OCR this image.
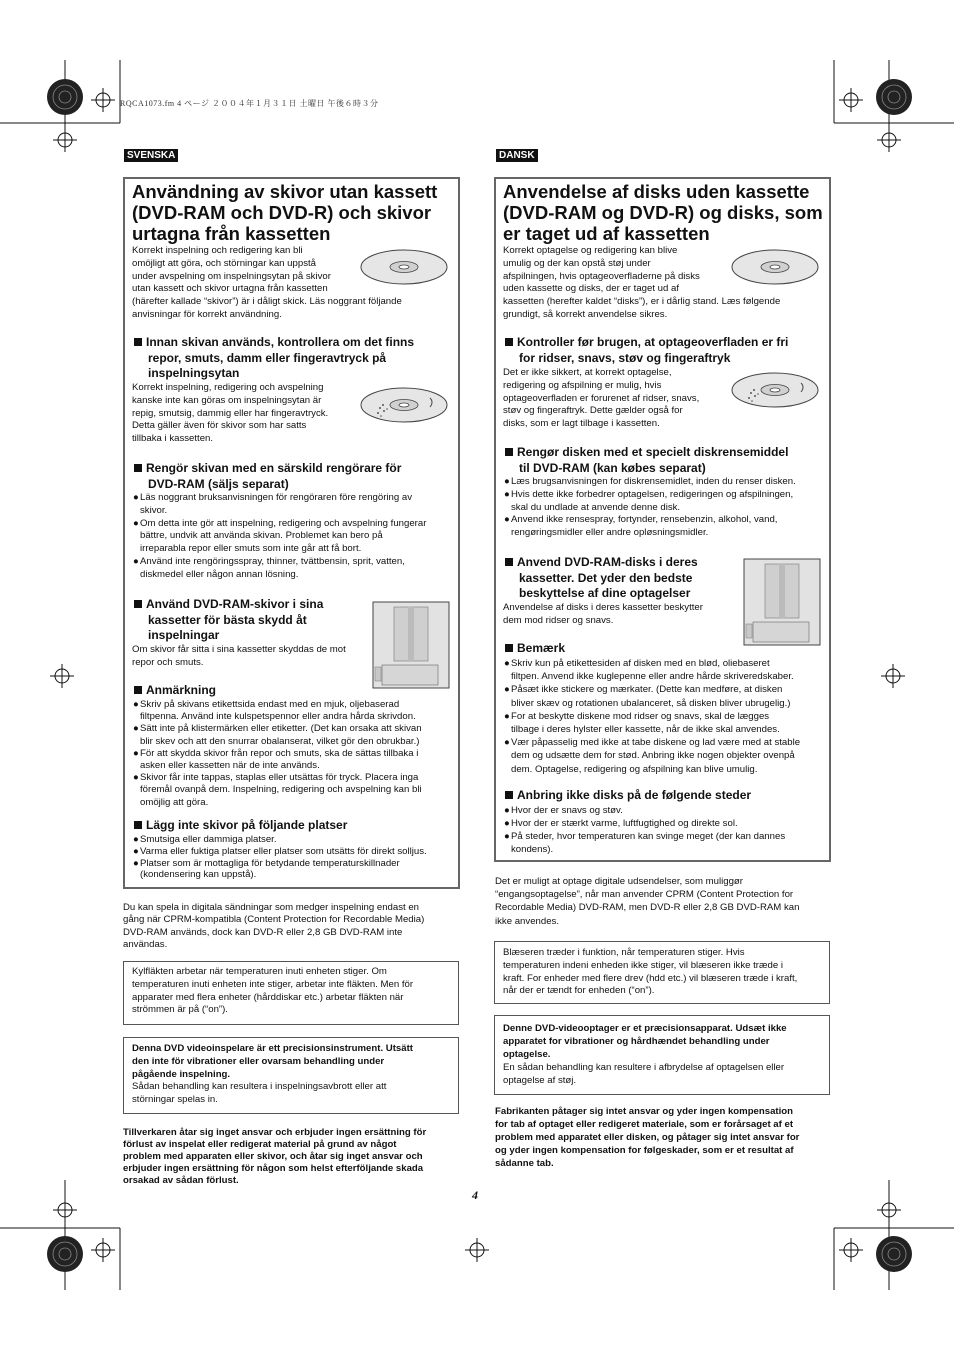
RQCA1073.fm 4 ページ ２００４年１月３１日 土曜日 午後６時３分
SVENSKA
Användning av skivor utan kassett
(DVD-RAM och DVD-R) och skivor
urtagna från kassetten
Korrekt inspelning och redigering kan bli
omöjligt att göra, och störningar kan uppstå
under avspelning om inspelningsytan på skivor
utan kassett och skivor urtagna från kassetten
(härefter kallade “skivor”) är i dåligt skick. Läs noggrant följande
anvisningar för korrekt användning.
Innan skivan används, kontrollera om det finns
repor, smuts, damm eller fingeravtryck på
inspelningsytan
Korrekt inspelning, redigering och avspelning
kanske inte kan göras om inspelningsytan är
repig, smutsig, dammig eller har fingeravtryck.
Detta gäller även för skivor som har satts
tillbaka i kassetten.
Rengör skivan med en särskild rengörare för
DVD-RAM (säljs separat)
● Läs noggrant bruksanvisningen för rengöraren före rengöring av
skivor.
● Om detta inte gör att inspelning, redigering och avspelning fungerar
bättre, undvik att använda skivan. Problemet kan bero på
irreparabla repor eller smuts som inte går att få bort.
● Använd inte rengöringsspray, thinner, tvättbensin, sprit, vatten,
diskmedel eller någon annan lösning.
Använd DVD-RAM-skivor i sina
kassetter för bästa skydd åt
inspelningar
Om skivor får sitta i sina kassetter skyddas de mot
repor och smuts.
Anmärkning
● Skriv på skivans etikettsida endast med en mjuk, oljebaserad
filtpenna. Använd inte kulspetspennor eller andra hårda skrivdon.
● Sätt inte på klistermärken eller etiketter. (Det kan orsaka att skivan
blir skev och att den snurrar obalanserat, vilket gör den obrukbar.)
● För att skydda skivor från repor och smuts, ska de sättas tillbaka i
asken eller kassetten när de inte används.
● Skivor får inte tappas, staplas eller utsättas för tryck. Placera inga
föremål ovanpå dem. Inspelning, redigering och avspelning kan bli
omöjlig att göra.
Lägg inte skivor på följande platser
● Smutsiga eller dammiga platser.
● Varma eller fuktiga platser eller platser som utsätts för direkt solljus.
● Platser som är mottagliga för betydande temperaturskillnader
(kondensering kan uppstå).
Du kan spela in digitala sändningar som medger inspelning endast en
gång när CPRM-kompatibla (Content Protection for Recordable Media)
DVD-RAM används, dock kan DVD-R eller 2,8 GB DVD-RAM inte
användas.
Kylfläkten arbetar när temperaturen inuti enheten stiger. Om
temperaturen inuti enheten inte stiger, arbetar inte fläkten. Men för
apparater med flera enheter (hårddiskar etc.) arbetar fläkten när
strömmen är på (“on”).
Denna DVD videoinspelare är ett precisionsinstrument. Utsätt
den inte för vibrationer eller ovarsam behandling under
pågående inspelning.
Sådan behandling kan resultera i inspelningsavbrott eller att
störningar spelas in.
Tillverkaren åtar sig inget ansvar och erbjuder ingen ersättning för
förlust av inspelat eller redigerat material på grund av något
problem med apparaten eller skivor, och åtar sig inget ansvar och
erbjuder ingen ersättning för någon som helst efterföljande skada
orsakad av sådan förlust.
DANSK
Anvendelse af disks uden kassette
(DVD-RAM og DVD-R) og disks, som
er taget ud af kassetten
Korrekt optagelse og redigering kan blive
umulig og der kan opstå støj under
afspilningen, hvis optageoverfladerne på disks
uden kassette og disks, der er taget ud af
kassetten (herefter kaldet “disks”), er i dårlig stand. Læs følgende
grundigt, så korrekt anvendelse sikres.
Kontroller før brugen, at optageoverfladen er fri
for ridser, snavs, støv og fingeraftryk
Det er ikke sikkert, at korrekt optagelse,
redigering og afspilning er mulig, hvis
optageoverfladen er forurenet af ridser, snavs,
støv og fingeraftryk. Dette gælder også for
disks, som er lagt tilbage i kassetten.
Rengør disken med et specielt diskrensemiddel
til DVD-RAM (kan købes separat)
● Læs brugsanvisningen for diskrensemidlet, inden du renser disken.
● Hvis dette ikke forbedrer optagelsen, redigeringen og afspilningen,
skal du undlade at anvende denne disk.
● Anvend ikke rensespray, fortynder, rensebenzin, alkohol, vand,
rengøringsmidler eller andre opløsningsmidler.
Anvend DVD-RAM-disks i deres
kassetter. Det yder den bedste
beskyttelse af dine optagelser
Anvendelse af disks i deres kassetter beskytter
dem mod ridser og snavs.
Bemærk
● Skriv kun på etikettesiden af disken med en blød, oliebaseret
filtpen. Anvend ikke kuglepenne eller andre hårde skriveredskaber.
● Påsæt ikke stickere og mærkater. (Dette kan medføre, at disken
bliver skæv og rotationen ubalanceret, så disken bliver ubrugelig.)
● For at beskytte diskene mod ridser og snavs, skal de lægges
tilbage i deres hylster eller kassette, når de ikke skal anvendes.
● Vær påpasselig med ikke at tabe diskene og lad være med at stable
dem og udsætte dem for stød. Anbring ikke nogen objekter ovenpå
dem. Optagelse, redigering og afspilning kan blive umulig.
Anbring ikke disks på de følgende steder
● Hvor der er snavs og støv.
● Hvor der er stærkt varme, luftfugtighed og direkte sol.
● På steder, hvor temperaturen kan svinge meget (der kan dannes
kondens).
Det er muligt at optage digitale udsendelser, som muliggør
“engangsoptagelse”, når man anvender CPRM (Content Protection for
Recordable Media) DVD-RAM, men DVD-R eller 2,8 GB DVD-RAM kan
ikke anvendes.
Blæseren træder i funktion, når temperaturen stiger. Hvis
temperaturen indeni enheden ikke stiger, vil blæseren ikke træde i
kraft. For enheder med flere drev (hdd etc.) vil blæseren træde i kraft,
når der er tændt for enheden (“on”).
Denne DVD-videooptager er et præcisionsapparat. Udsæt ikke
apparatet for vibrationer og hårdhændet behandling under
optagelse.
En sådan behandling kan resultere i afbrydelse af optagelsen eller
optagelse af støj.
Fabrikanten påtager sig intet ansvar og yder ingen kompensation
for tab af optaget eller redigeret materiale, som er forårsaget af et
problem med apparatet eller disken, og påtager sig intet ansvar for
og yder ingen kompensation for følgeskader, som er et resultat af
sådanne tab.
4
